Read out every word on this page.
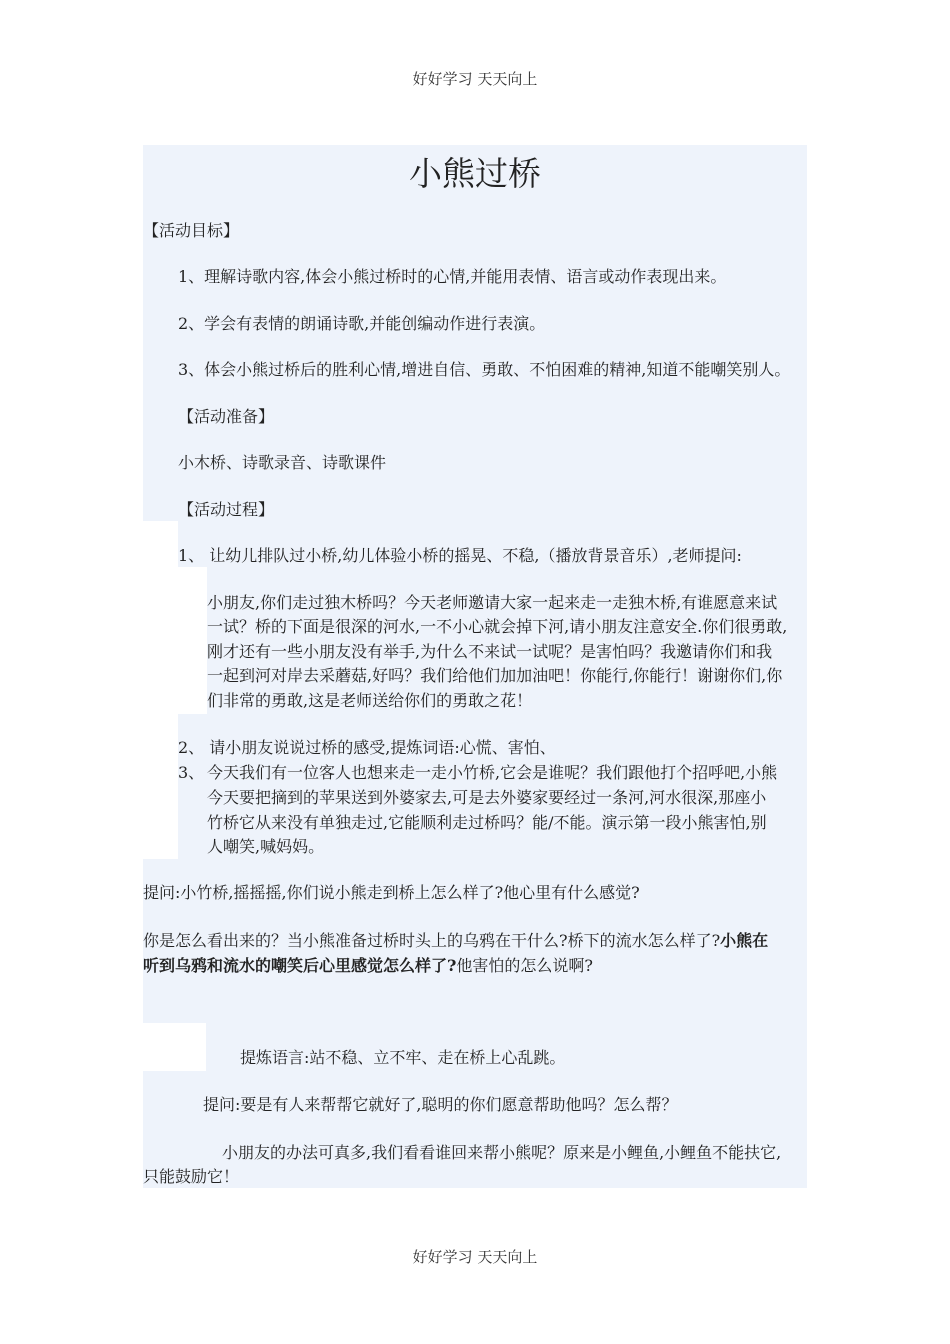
好好学习 天天向上
小熊过桥
【活动目标】
1、理解诗歌内容,体会小熊过桥时的心情,并能用表情、语言或动作表现出来。
2、学会有表情的朗诵诗歌,并能创编动作进行表演。
3、体会小熊过桥后的胜利心情,增进自信、勇敢、不怕困难的精神,知道不能嘲笑别人。
【活动准备】
小木桥、诗歌录音、诗歌课件
【活动过程】
1、 让幼儿排队过小桥,幼儿体验小桥的摇晃、不稳,（播放背景音乐）,老师提问:
小朋友,你们走过独木桥吗？今天老师邀请大家一起来走一走独木桥,有谁愿意来试
一试？桥的下面是很深的河水,一不小心就会掉下河,请小朋友注意安全.你们很勇敢,
刚才还有一些小朋友没有举手,为什么不来试一试呢？是害怕吗？我邀请你们和我
一起到河对岸去采蘑菇,好吗？我们给他们加加油吧！你能行,你能行！谢谢你们,你
们非常的勇敢,这是老师送给你们的勇敢之花！
2、 请小朋友说说过桥的感受,提炼词语:心慌、害怕、
3、 今天我们有一位客人也想来走一走小竹桥,它会是谁呢？我们跟他打个招呼吧,小熊
今天要把摘到的苹果送到外婆家去,可是去外婆家要经过一条河,河水很深,那座小
竹桥它从来没有单独走过,它能顺利走过桥吗？能/不能。演示第一段小熊害怕,别
人嘲笑,喊妈妈。
提问:小竹桥,摇摇摇,你们说小熊走到桥上怎么样了?他心里有什么感觉?
你是怎么看出来的？当小熊准备过桥时头上的乌鸦在干什么?桥下的流水怎么样了?小熊在
听到乌鸦和流水的嘲笑后心里感觉怎么样了?他害怕的怎么说啊?
提炼语言:站不稳、立不牢、走在桥上心乱跳。
提问:要是有人来帮帮它就好了,聪明的你们愿意帮助他吗？怎么帮？
小朋友的办法可真多,我们看看谁回来帮小熊呢？原来是小鲤鱼,小鲤鱼不能扶它,
只能鼓励它！
好好学习 天天向上
